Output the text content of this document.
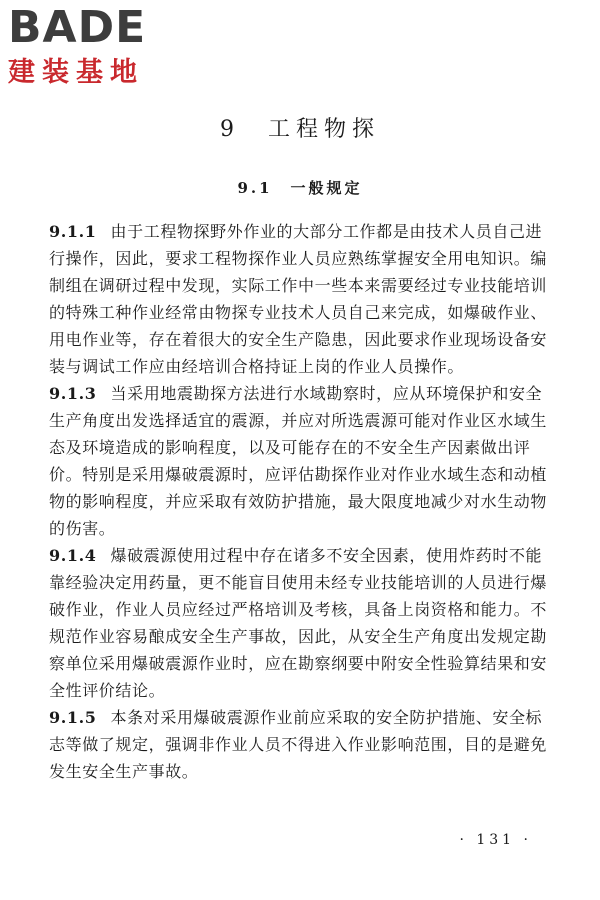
BADE
建装基地
9　工程物探
9.1　一般规定

9.1.1 由于工程物探野外作业的大部分工作都是由技术人员自己进行操作，因此，要求工程物探作业人员应熟练掌握安全用电知识。编制组在调研过程中发现，实际工作中一些本来需要经过专业技能培训的特殊工种作业经常由物探专业技术人员自己来完成，如爆破作业、用电作业等，存在着很大的安全生产隐患，因此要求作业现场设备安装与调试工作应由经培训合格持证上岗的作业人员操作。

9.1.3 当采用地震勘探方法进行水域勘察时，应从环境保护和安全生产角度出发选择适宜的震源，并应对所选震源可能对作业区水域生态及环境造成的影响程度，以及可能存在的不安全生产因素做出评价。特别是采用爆破震源时，应评估勘探作业对作业水域生态和动植物的影响程度，并应采取有效防护措施，最大限度地减少对水生动物的伤害。

9.1.4 爆破震源使用过程中存在诸多不安全因素，使用炸药时不能靠经验决定用药量，更不能盲目使用未经专业技能培训的人员进行爆破作业，作业人员应经过严格培训及考核，具备上岗资格和能力。不规范作业容易酿成安全生产事故，因此，从安全生产角度出发规定勘察单位采用爆破震源作业时，应在勘察纲要中附安全性验算结果和安全性评价结论。

9.1.5 本条对采用爆破震源作业前应采取的安全防护措施、安全标志等做了规定，强调非作业人员不得进入作业影响范围，目的是避免发生安全生产事故。

· 131 ·
